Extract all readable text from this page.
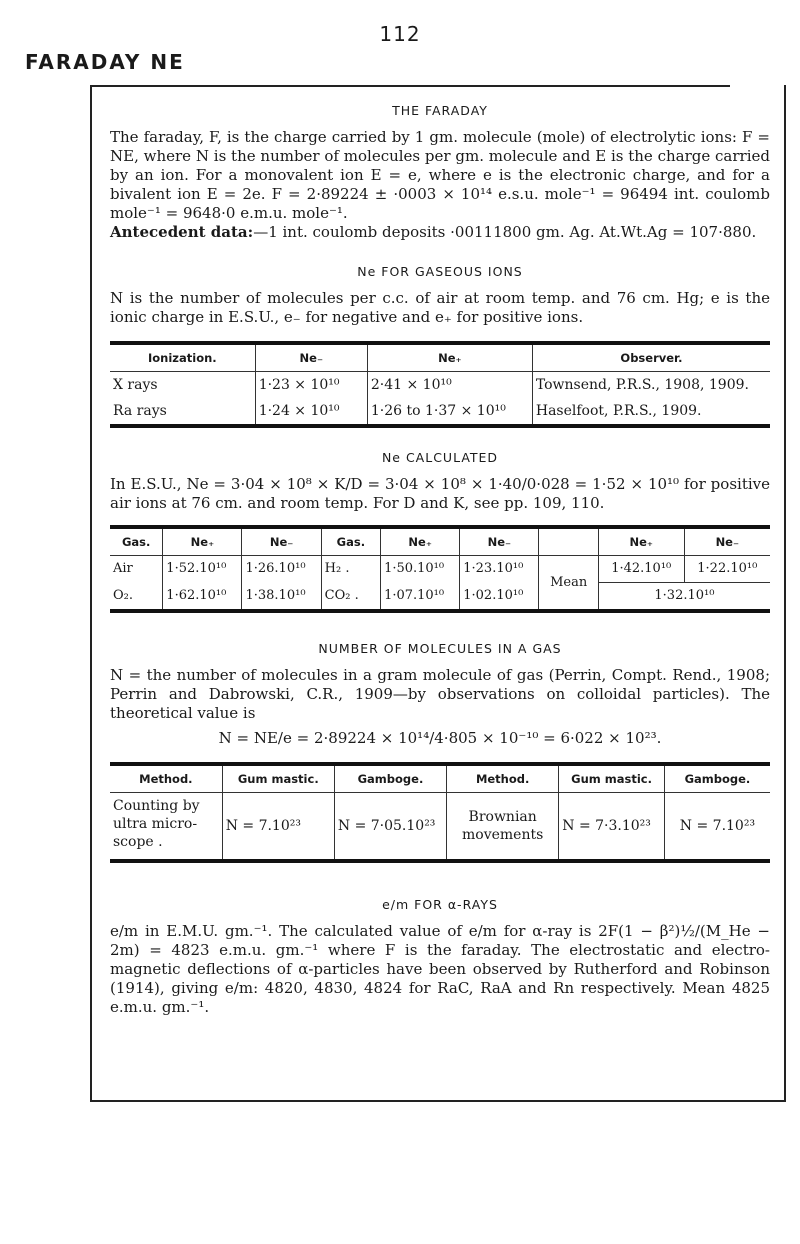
112
FARADAY NE
THE FARADAY

The faraday, F, is the charge carried by 1 gm. molecule (mole) of electrolytic ions: F = NE, where N is the number of molecules per gm. molecule and E is the charge carried by an ion. For a monovalent ion E = e, where e is the electronic charge, and for a bivalent ion E = 2e. F = 2·89224 ± ·0003 × 10¹⁴ e.s.u. mole⁻¹ = 96494 int. coulomb mole⁻¹ = 9648·0 e.m.u. mole⁻¹.

Antecedent data:—1 int. coulomb deposits ·00111800 gm. Ag. At.Wt.Ag = 107·880.

Ne FOR GASEOUS IONS

N is the number of molecules per c.c. of air at room temp. and 76 cm. Hg; e is the ionic charge in E.S.U., e₋ for negative and e₊ for positive ions.

Ionization.	Ne₋	Ne₊	Observer.
X rays	1·23 × 10¹⁰	2·41 × 10¹⁰	Townsend, P.R.S., 1908, 1909.
Ra rays	1·24 × 10¹⁰	1·26 to 1·37 × 10¹⁰	Haselfoot, P.R.S., 1909.
Ne CALCULATED

In E.S.U., Ne = 3·04 × 10⁸ × K/D = 3·04 × 10⁸ × 1·40/0·028 = 1·52 × 10¹⁰ for positive air ions at 76 cm. and room temp. For D and K, see pp. 109, 110.

Gas.	Ne₊	Ne₋	Gas.	Ne₊	Ne₋		Ne₊	Ne₋
Air	1·52.10¹⁰	1·26.10¹⁰	H₂ .	1·50.10¹⁰	1·23.10¹⁰	Mean	1·42.10¹⁰	1·22.10¹⁰
O₂.	1·62.10¹⁰	1·38.10¹⁰	CO₂ .	1·07.10¹⁰	1·02.10¹⁰		1·32.10¹⁰	
NUMBER OF MOLECULES IN A GAS

N = the number of molecules in a gram molecule of gas (Perrin, Compt. Rend., 1908; Perrin and Dabrowski, C.R., 1909—by observations on colloidal particles). The theoretical value is

N = NE/e = 2·89224 × 10¹⁴/4·805 × 10⁻¹⁰ = 6·022 × 10²³.

Method.	Gum mastic.	Gamboge.	Method.	Gum mastic.	Gamboge.
Counting by ultra micro-scope .	N = 7.10²³	N = 7·05.10²³	Brownian movements	N = 7·3.10²³	N = 7.10²³
e/m FOR α-RAYS

e/m in E.M.U. gm.⁻¹. The calculated value of e/m for α-ray is 2F(1 − β²)½/(M_He − 2m) = 4823 e.m.u. gm.⁻¹ where F is the faraday. The electrostatic and electro-magnetic deflections of α-particles have been observed by Rutherford and Robinson (1914), giving e/m: 4820, 4830, 4824 for RaC, RaA and Rn respectively. Mean 4825 e.m.u. gm.⁻¹.
